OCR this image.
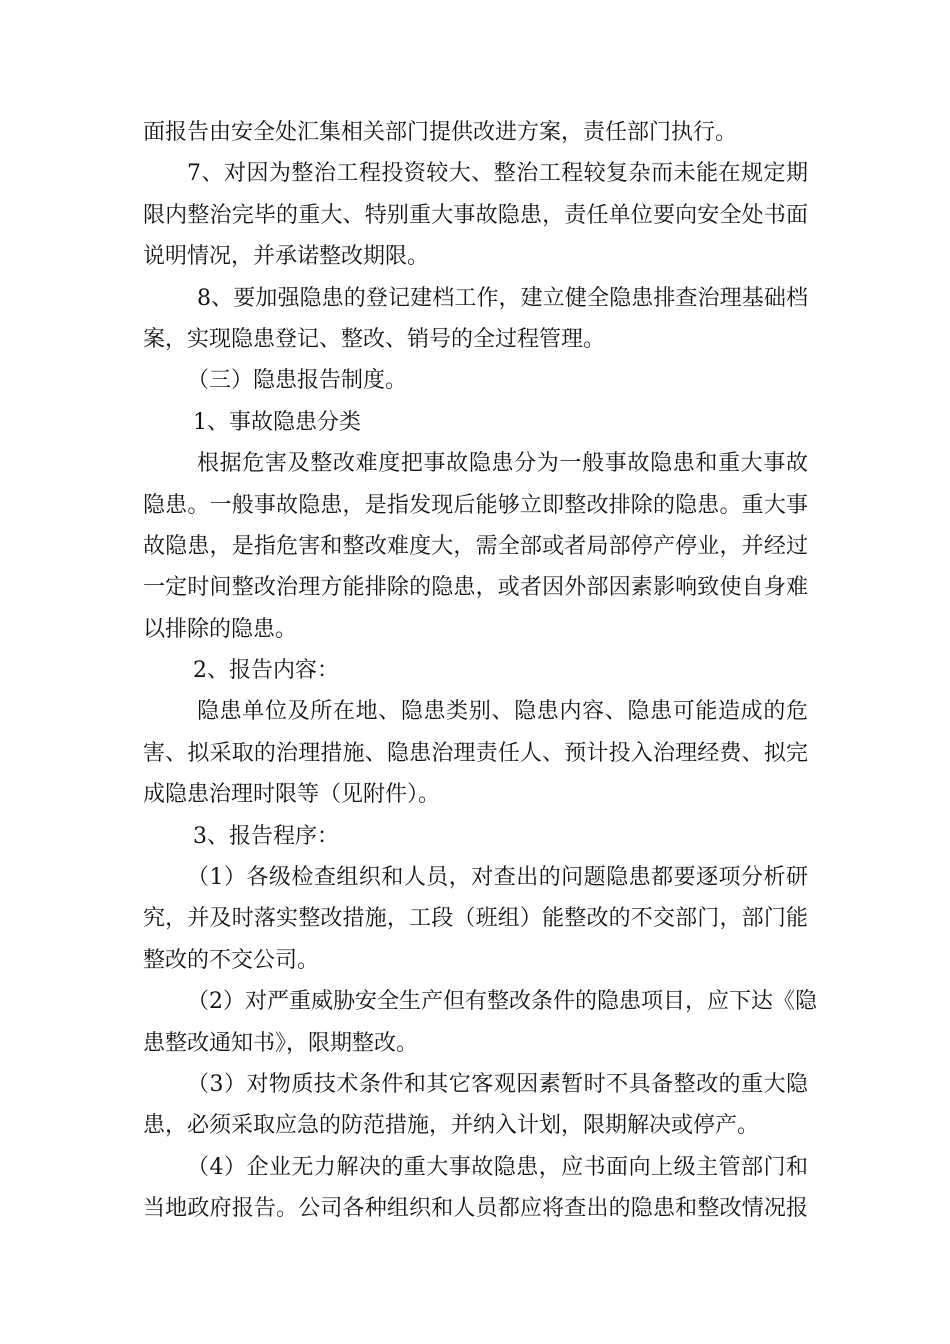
面报告由安全处汇集相关部门提供改进方案，责任部门执行。
7、对因为整治工程投资较大、整治工程较复杂而未能在规定期
限内整治完毕的重大、特别重大事故隐患，责任单位要向安全处书面
说明情况，并承诺整改期限。
8、要加强隐患的登记建档工作，建立健全隐患排查治理基础档
案，实现隐患登记、整改、销号的全过程管理。
（三）隐患报告制度。
1、事故隐患分类
根据危害及整改难度把事故隐患分为一般事故隐患和重大事故
隐患。一般事故隐患，是指发现后能够立即整改排除的隐患。重大事
故隐患，是指危害和整改难度大，需全部或者局部停产停业，并经过
一定时间整改治理方能排除的隐患，或者因外部因素影响致使自身难
以排除的隐患。
2、报告内容：
隐患单位及所在地、隐患类别、隐患内容、隐患可能造成的危
害、拟采取的治理措施、隐患治理责任人、预计投入治理经费、拟完
成隐患治理时限等（见附件）。
3、报告程序：
（1）各级检查组织和人员，对查出的问题隐患都要逐项分析研
究，并及时落实整改措施，工段（班组）能整改的不交部门，部门能
整改的不交公司。
（2）对严重威胁安全生产但有整改条件的隐患项目，应下达《隐
患整改通知书》，限期整改。
（3）对物质技术条件和其它客观因素暂时不具备整改的重大隐
患，必须采取应急的防范措施，并纳入计划，限期解决或停产。
（4）企业无力解决的重大事故隐患，应书面向上级主管部门和
当地政府报告。公司各种组织和人员都应将查出的隐患和整改情况报
